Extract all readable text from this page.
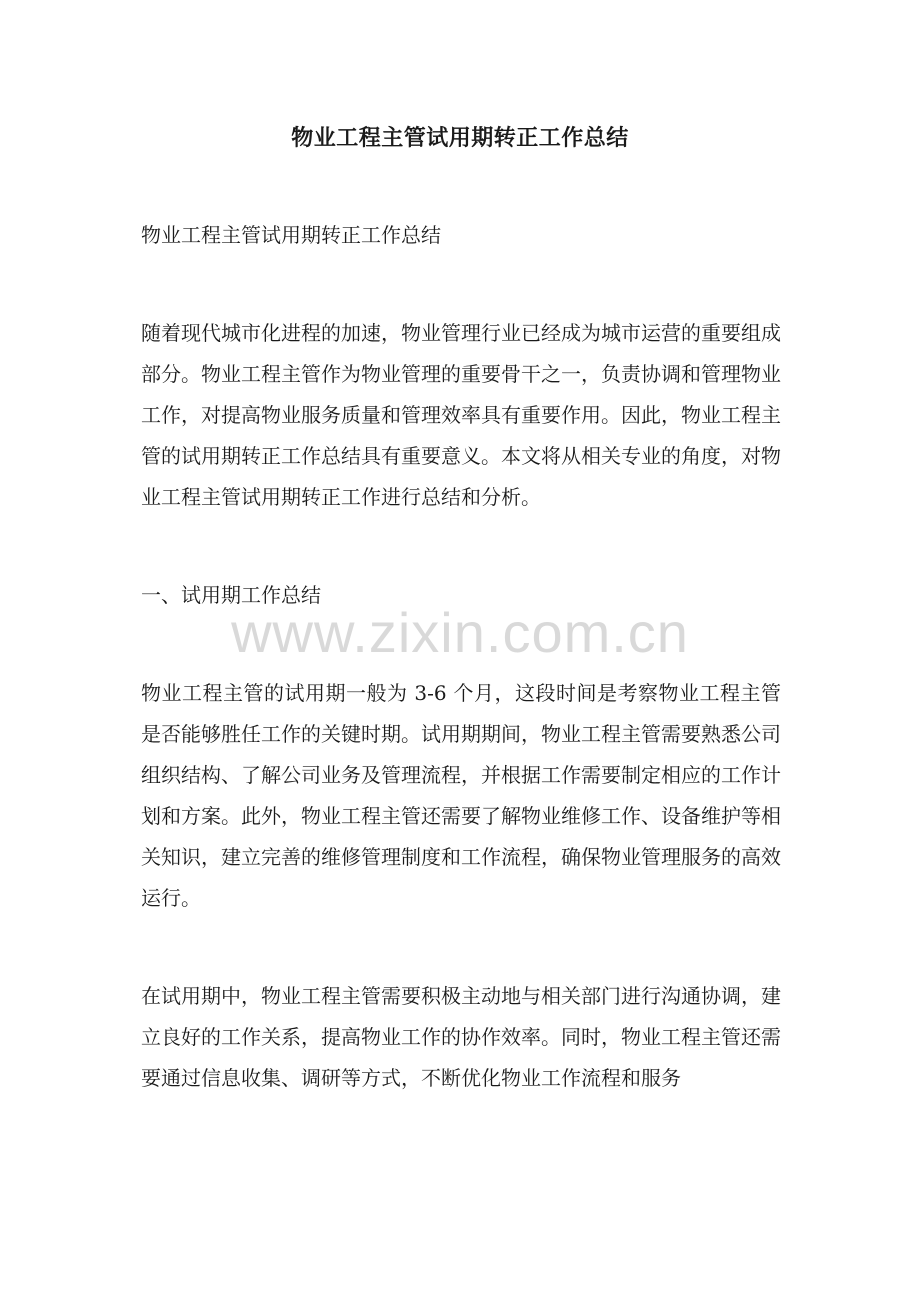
物业工程主管试用期转正工作总结

物业工程主管试用期转正工作总结

随着现代城市化进程的加速，物业管理行业已经成为城市运营的重要组成部分。物业工程主管作为物业管理的重要骨干之一，负责协调和管理物业工作，对提高物业服务质量和管理效率具有重要作用。因此，物业工程主管的试用期转正工作总结具有重要意义。本文将从相关专业的角度，对物业工程主管试用期转正工作进行总结和分析。

一、试用期工作总结

物业工程主管的试用期一般为 3-6 个月，这段时间是考察物业工程主管是否能够胜任工作的关键时期。试用期期间，物业工程主管需要熟悉公司组织结构、了解公司业务及管理流程，并根据工作需要制定相应的工作计划和方案。此外，物业工程主管还需要了解物业维修工作、设备维护等相关知识，建立完善的维修管理制度和工作流程，确保物业管理服务的高效运行。

在试用期中，物业工程主管需要积极主动地与相关部门进行沟通协调，建立良好的工作关系，提高物业工作的协作效率。同时，物业工程主管还需要通过信息收集、调研等方式，不断优化物业工作流程和服务

www.zixin.com.cn
